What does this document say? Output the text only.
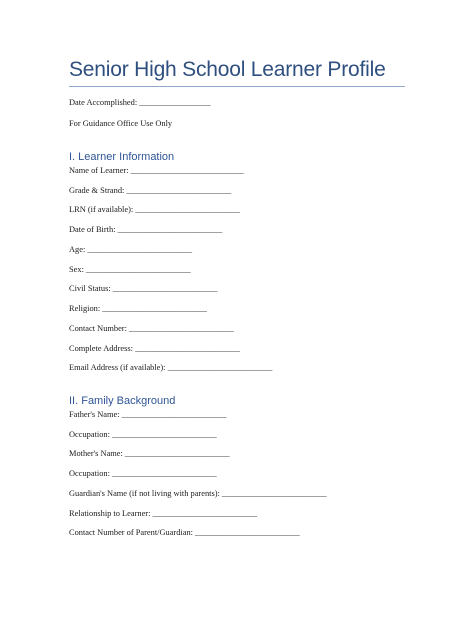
Senior High School Learner Profile
Date Accomplished: _________________
For Guidance Office Use Only
I. Learner Information
Name of Learner: ___________________________
Grade & Strand: _________________________
LRN (if available): _________________________
Date of Birth: _________________________
Age: _________________________
Sex: _________________________
Civil Status: _________________________
Religion: _________________________
Contact Number: _________________________
Complete Address: _________________________
Email Address (if available): _________________________
II. Family Background
Father's Name: _________________________
Occupation: _________________________
Mother's Name: _________________________
Occupation: _________________________
Guardian's Name (if not living with parents): _________________________
Relationship to Learner: _________________________
Contact Number of Parent/Guardian: _________________________
